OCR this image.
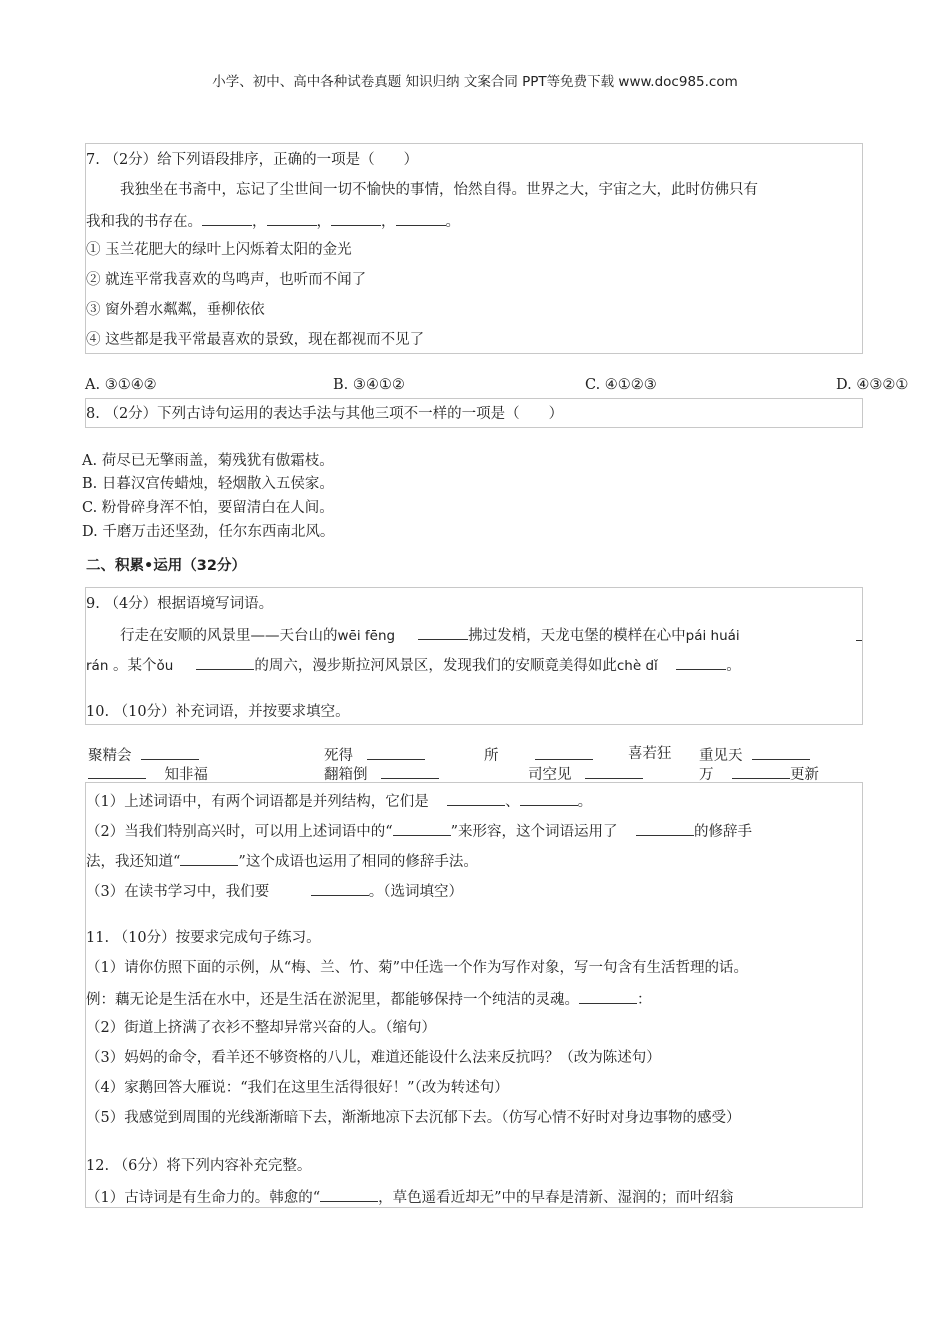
小学、初中、高中各种试卷真题 知识归纳 文案合同 PPT等免费下载 www.doc985.com
7. （2分）给下列语段排序，正确的一项是（　　）
我独坐在书斋中，忘记了尘世间一切不愉快的事情，怡然自得。世界之大，宇宙之大，此时仿佛只有
我和我的书存在。	，	，	，	。
① 玉兰花肥大的绿叶上闪烁着太阳的金光
② 就连平常我喜欢的鸟鸣声，也听而不闻了
③ 窗外碧水粼粼，垂柳依依
④ 这些都是我平常最喜欢的景致，现在都视而不见了
A. ③①④②	B. ③④①②	C. ④①②③	D. ④③②①
8. （2分）下列古诗句运用的表达手法与其他三项不一样的一项是（　　）
A. 荷尽已无擎雨盖，菊残犹有傲霜枝。
B. 日暮汉宫传蜡烛，轻烟散入五侯家。
C. 粉骨碎身浑不怕，要留清白在人间。
D. 千磨万击还坚劲，任尔东西南北风。
二、积累•运用（32分）
9. （4分）根据语境写词语。
行走在安顺的风景里——天台山的wēi fēng	拂过发梢，天龙屯堡的模样在心中pái huái
rán 。某个ǒu	的周六，漫步斯拉河风景区，发现我们的安顺竟美得如此chè dǐ	。
10. （10分）补充词语，并按要求填空。
聚精会	死得	所	喜若狂 重见天
知非福	翻箱倒	司空见	万	更新
（1）上述词语中，有两个词语都是并列结构，它们是	、	。
（2）当我们特别高兴时，可以用上述词语中的“	”来形容，这个词语运用了	的修辞手
法，我还知道“	”这个成语也运用了相同的修辞手法。
（3）在读书学习中，我们要	。（选词填空）
11. （10分）按要求完成句子练习。
（1）请你仿照下面的示例，从“梅、兰、竹、菊”中任选一个作为写作对象，写一句含有生活哲理的话。
例：藕无论是生活在水中，还是生活在淤泥里，都能够保持一个纯洁的灵魂。	：
（2）街道上挤满了衣衫不整却异常兴奋的人。（缩句）
（3）妈妈的命令，看羊还不够资格的八儿，难道还能设什么法来反抗吗？（改为陈述句）
（4）家鹅回答大雁说：“我们在这里生活得很好！”（改为转述句）
（5）我感觉到周围的光线渐渐暗下去，渐渐地凉下去沉郁下去。（仿写心情不好时对身边事物的感受）
12. （6分）将下列内容补充完整。
（1）古诗词是有生命力的。韩愈的“	，草色遥看近却无”中的早春是清新、湿润的；而叶绍翁
